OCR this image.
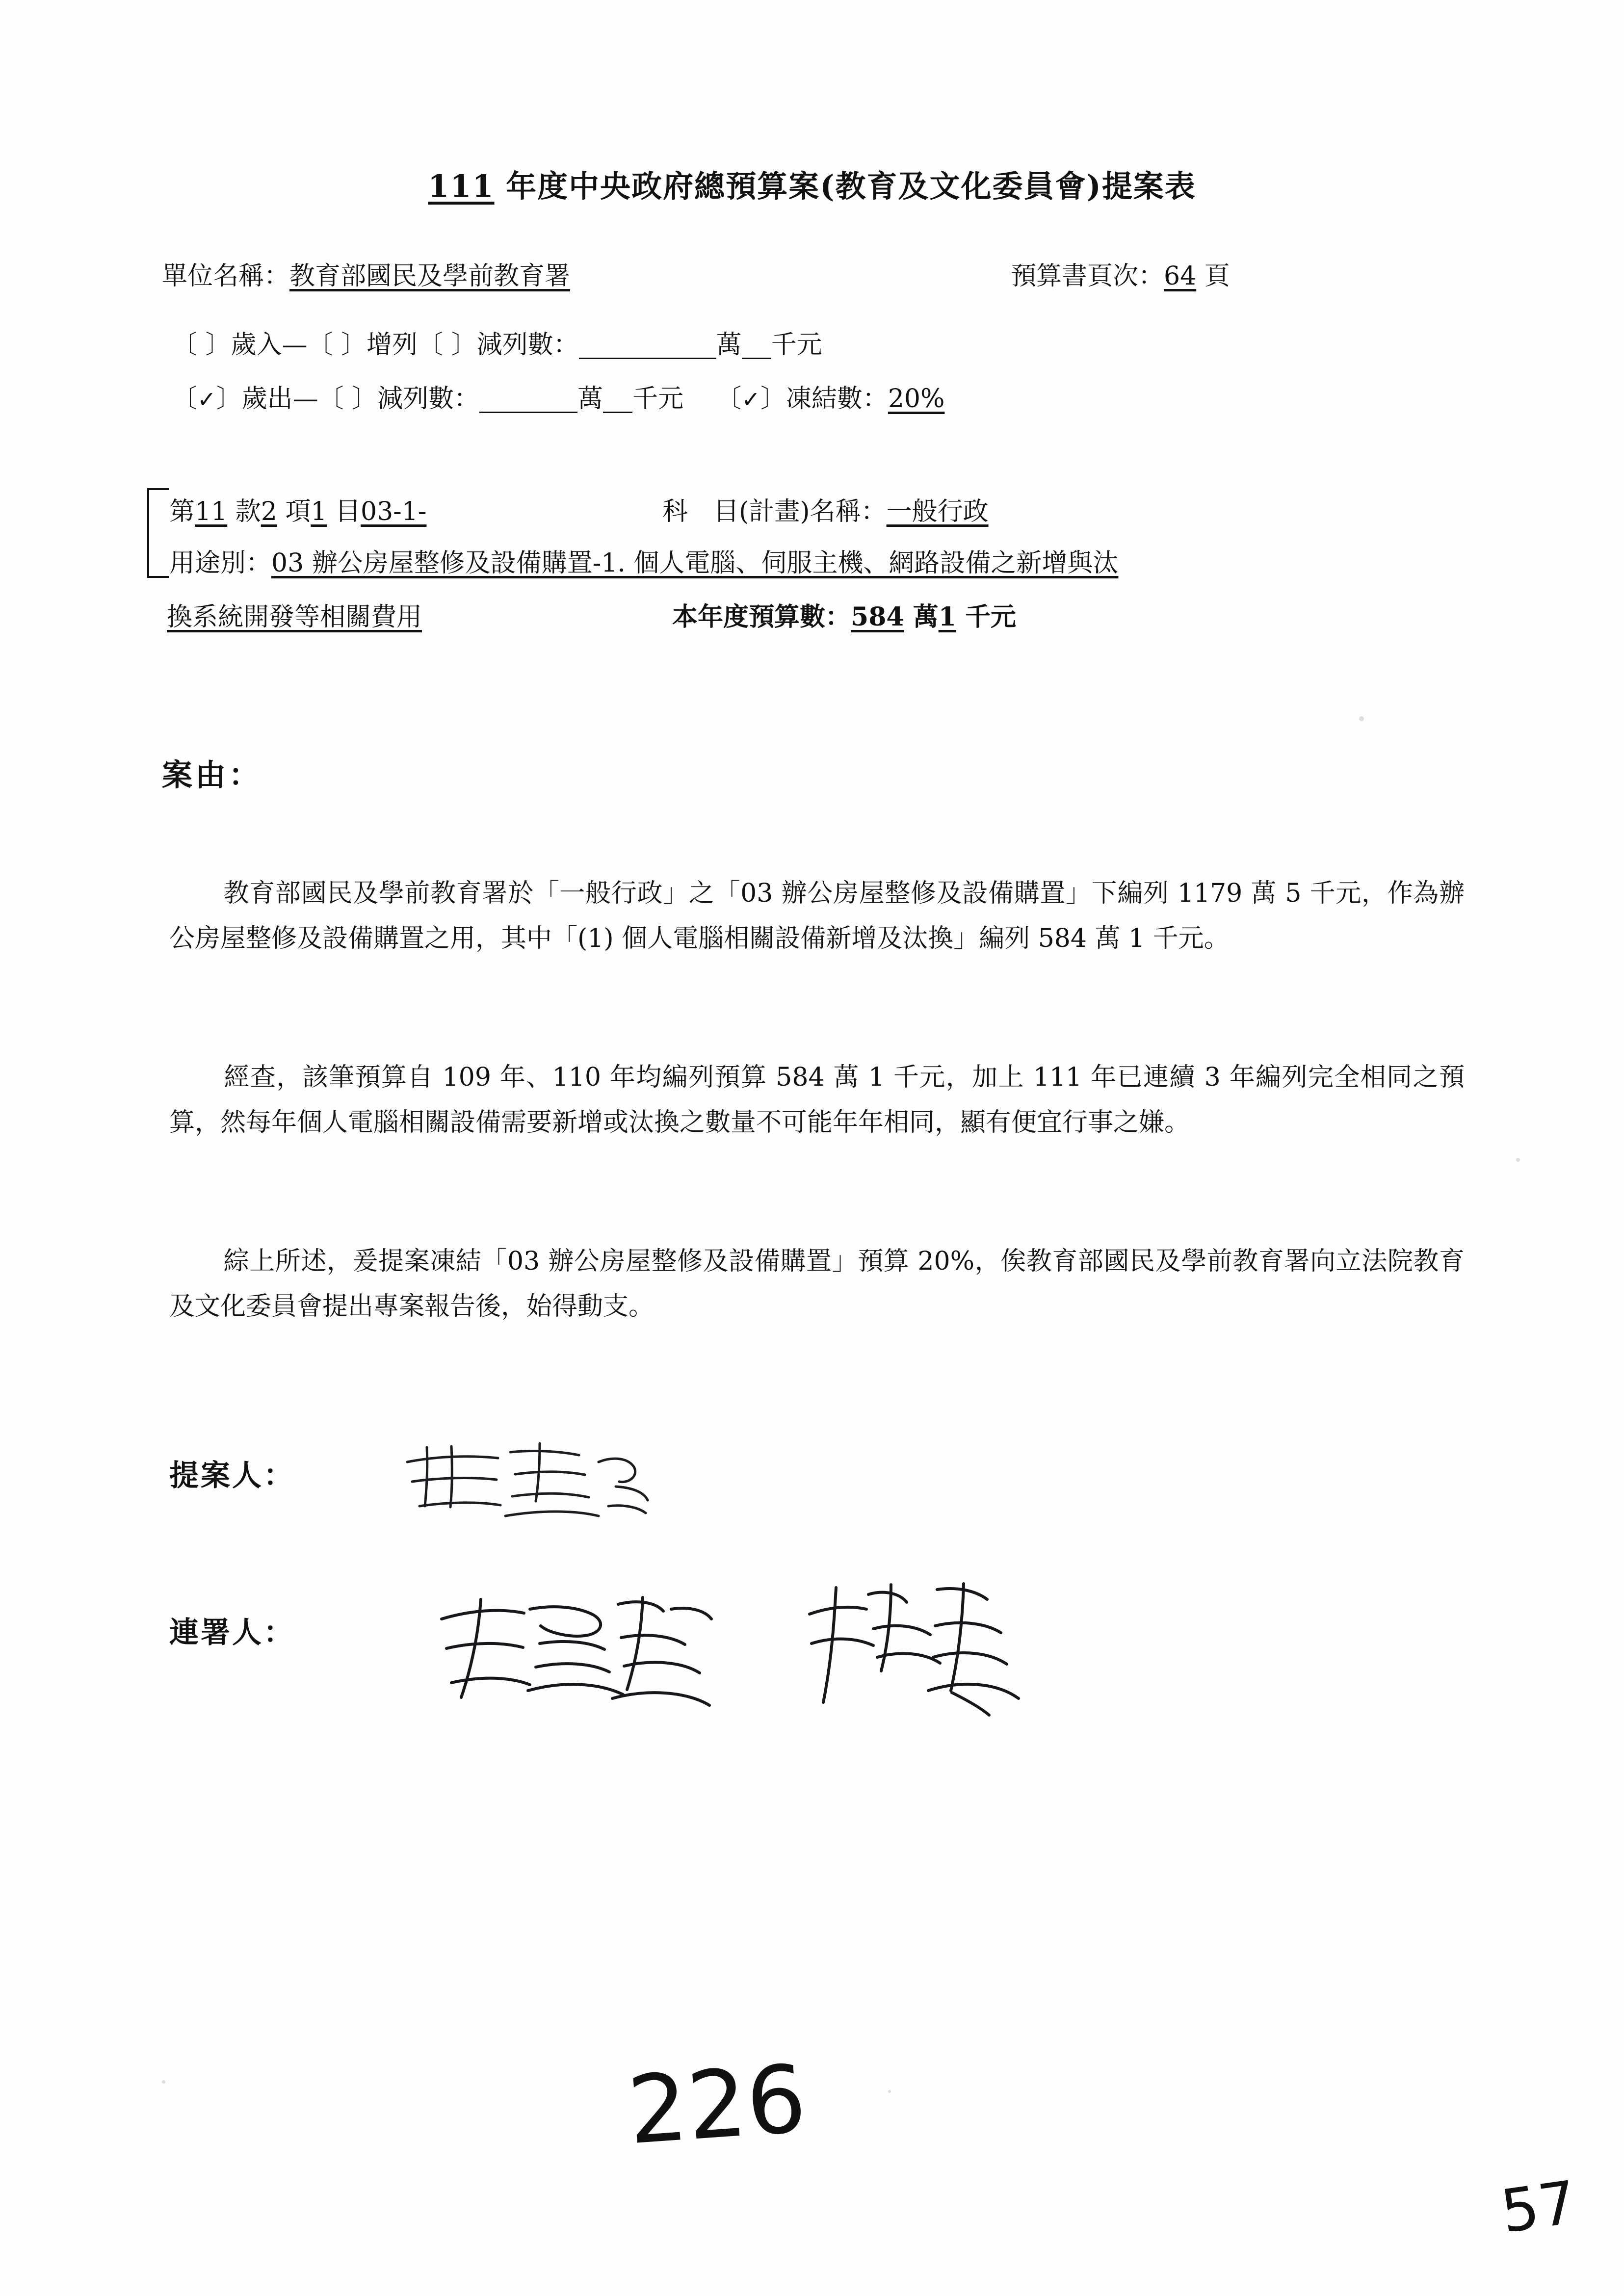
111 年度中央政府總預算案(教育及文化委員會)提案表
單位名稱：教育部國民及學前教育署	預算書頁次：64 頁
〔 〕歲入—〔 〕增列〔 〕減列數：	萬 千元
〔✓〕歲出—〔 〕減列數：	萬 千元 〔✓〕凍結數：20%
第11 款2 項1 目03-1-	科　目(計畫)名稱：一般行政
用途別：03 辦公房屋整修及設備購置-1. 個人電腦、伺服主機、網路設備之新增與汰
換系統開發等相關費用	本年度預算數：584 萬1 千元
案由：
教育部國民及學前教育署於「一般行政」之「03 辦公房屋整修及設備購置」下編列 1179 萬 5 千元，作為辦公房屋整修及設備購置之用，其中「(1) 個人電腦相關設備新增及汰換」編列 584 萬 1 千元。
經查，該筆預算自 109 年、110 年均編列預算 584 萬 1 千元，加上 111 年已連續 3 年編列完全相同之預算，然每年個人電腦相關設備需要新增或汰換之數量不可能年年相同，顯有便宜行事之嫌。
綜上所述，爰提案凍結「03 辦公房屋整修及設備購置」預算 20%，俟教育部國民及學前教育署向立法院教育及文化委員會提出專案報告後，始得動支。
提案人：
連署人：
226
57
